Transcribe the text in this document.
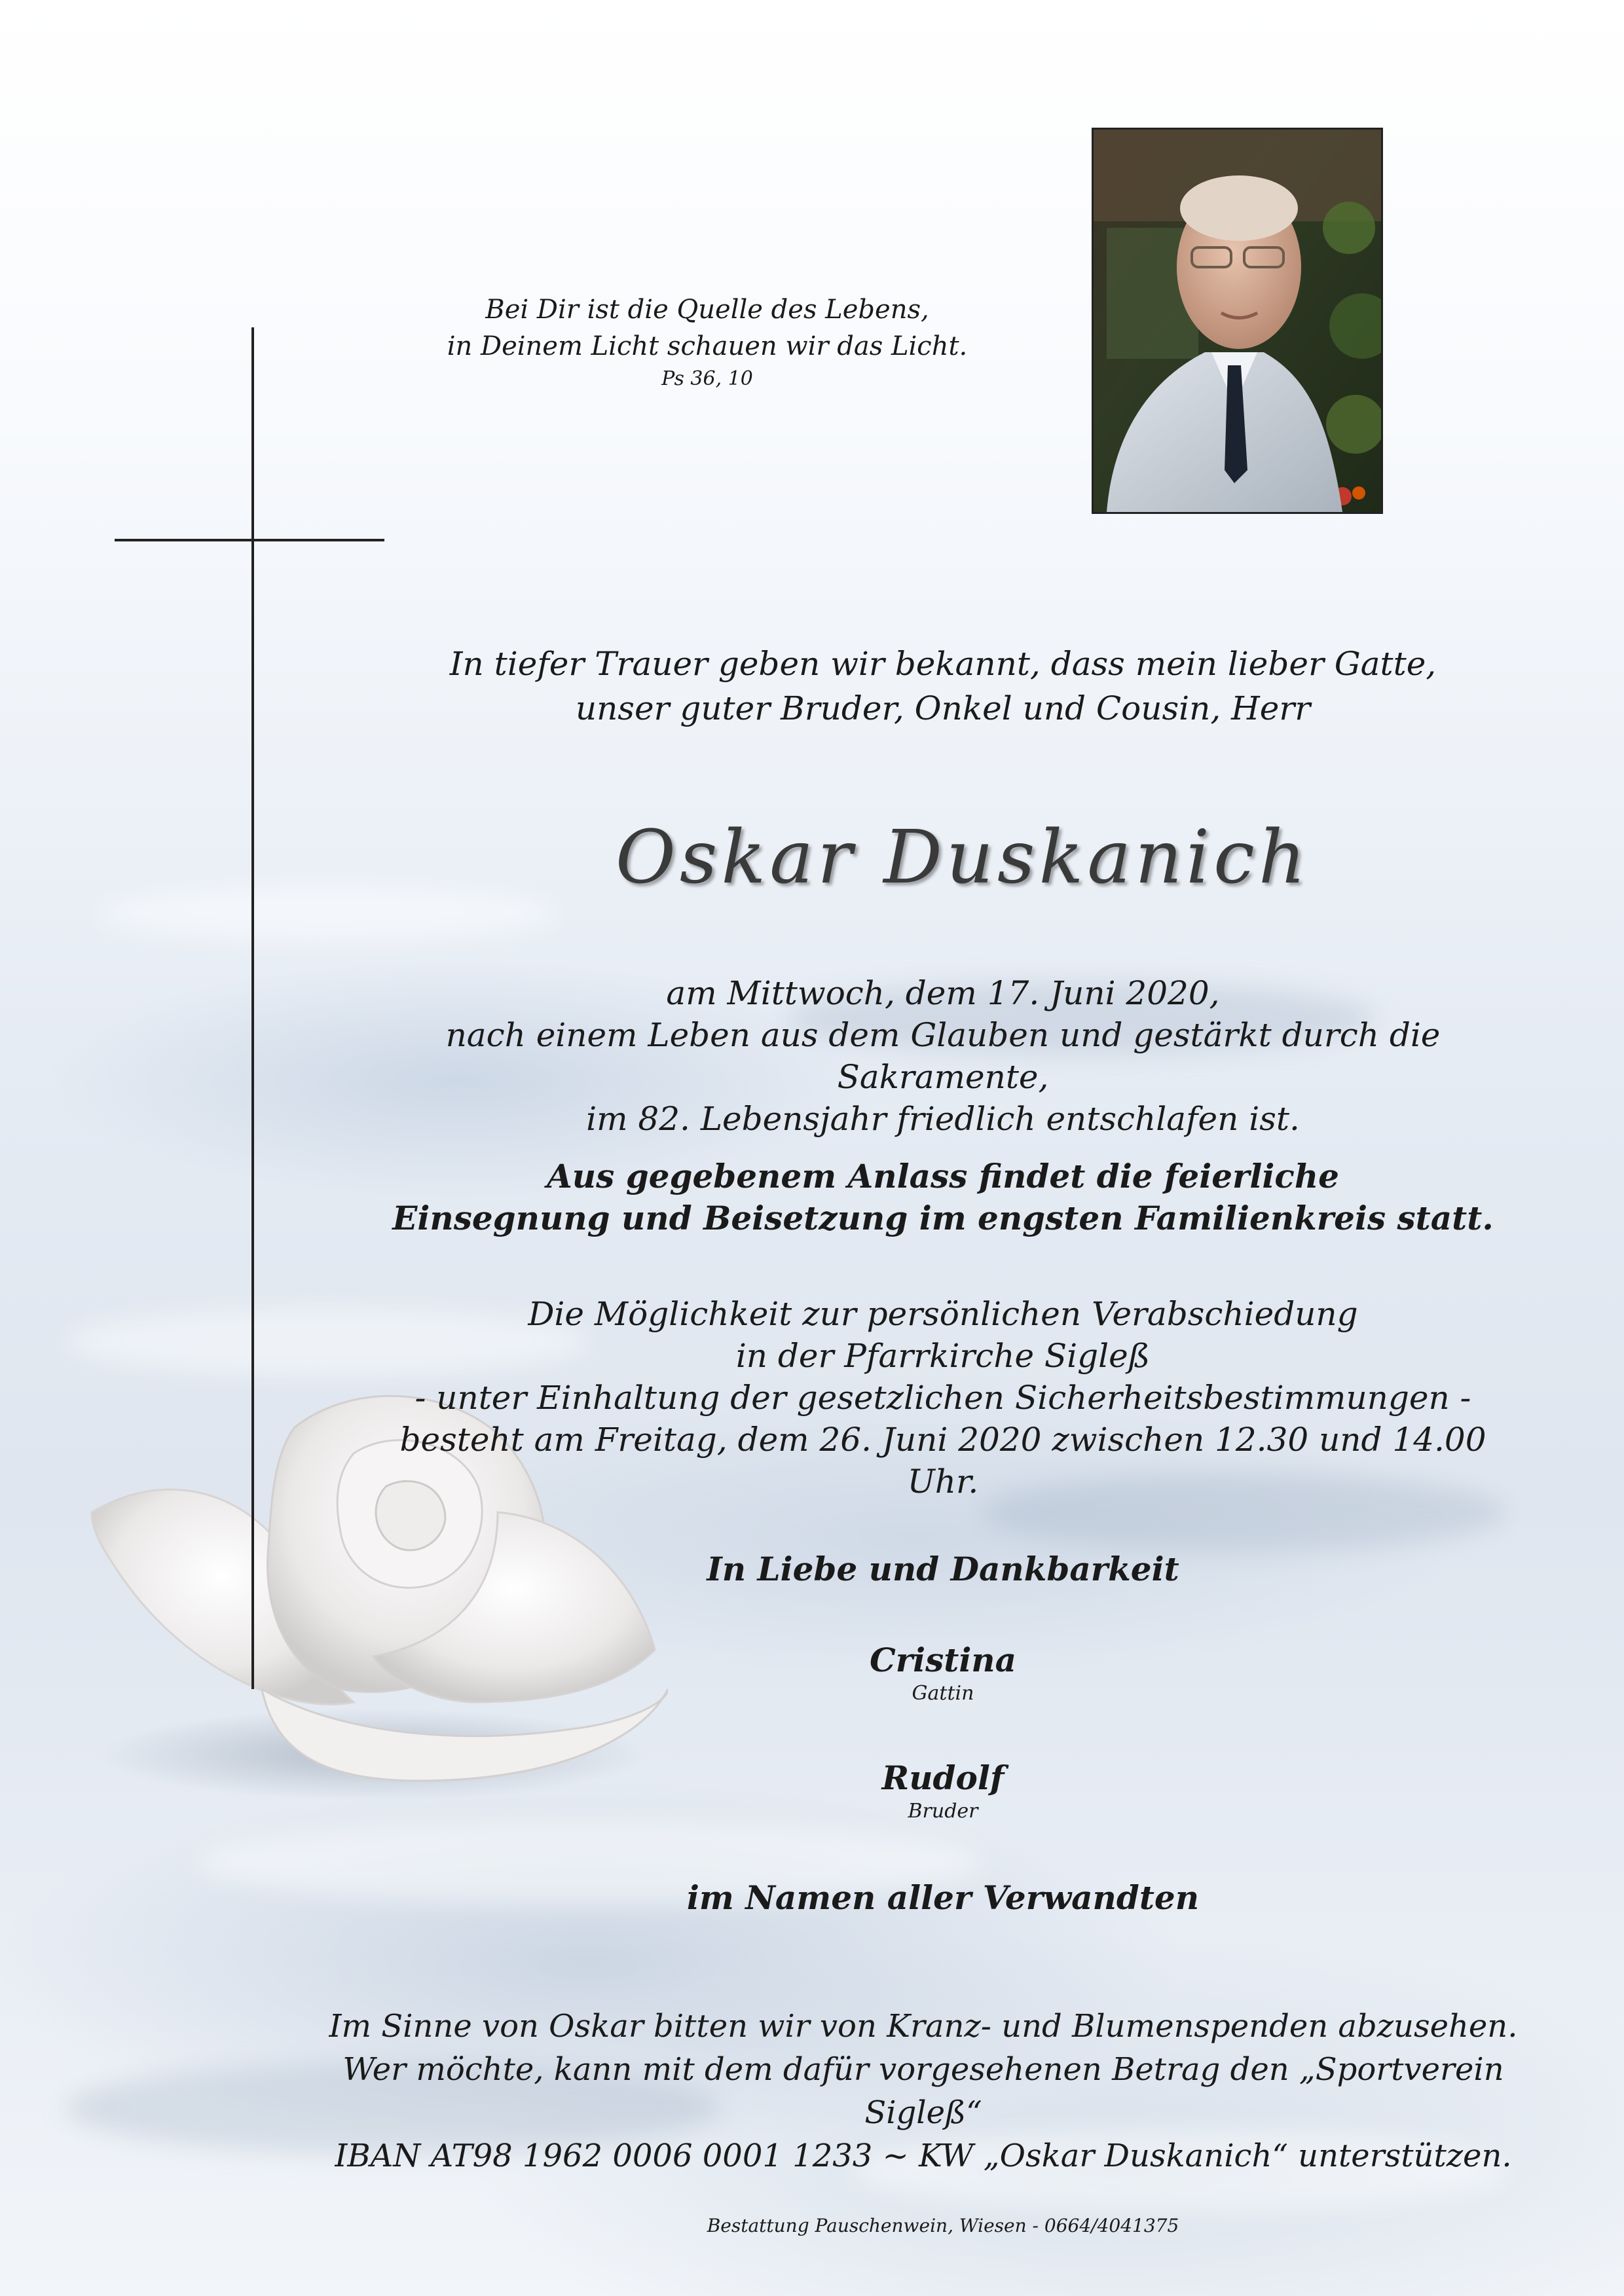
Bei Dir ist die Quelle des Lebens,
in Deinem Licht schauen wir das Licht.
Ps 36, 10
In tiefer Trauer geben wir bekannt, dass mein lieber Gatte,
unser guter Bruder, Onkel und Cousin, Herr
Oskar Duskanich
am Mittwoch, dem 17. Juni 2020,
nach einem Leben aus dem Glauben und gestärkt durch die Sakramente,
im 82. Lebensjahr friedlich entschlafen ist.
Aus gegebenem Anlass findet die feierliche
Einsegnung und Beisetzung im engsten Familienkreis statt.
Die Möglichkeit zur persönlichen Verabschiedung
in der Pfarrkirche Sigleß
- unter Einhaltung der gesetzlichen Sicherheitsbestimmungen -
besteht am Freitag, dem 26. Juni 2020 zwischen 12.30 und 14.00 Uhr.
In Liebe und Dankbarkeit
Cristina
Gattin
Rudolf
Bruder
im Namen aller Verwandten
Im Sinne von Oskar bitten wir von Kranz- und Blumenspenden abzusehen.
Wer möchte, kann mit dem dafür vorgesehenen Betrag den „Sportverein Sigleß“
IBAN AT98 1962 0006 0001 1233 ~ KW „Oskar Duskanich“ unterstützen.
Bestattung Pauschenwein, Wiesen - 0664/4041375
